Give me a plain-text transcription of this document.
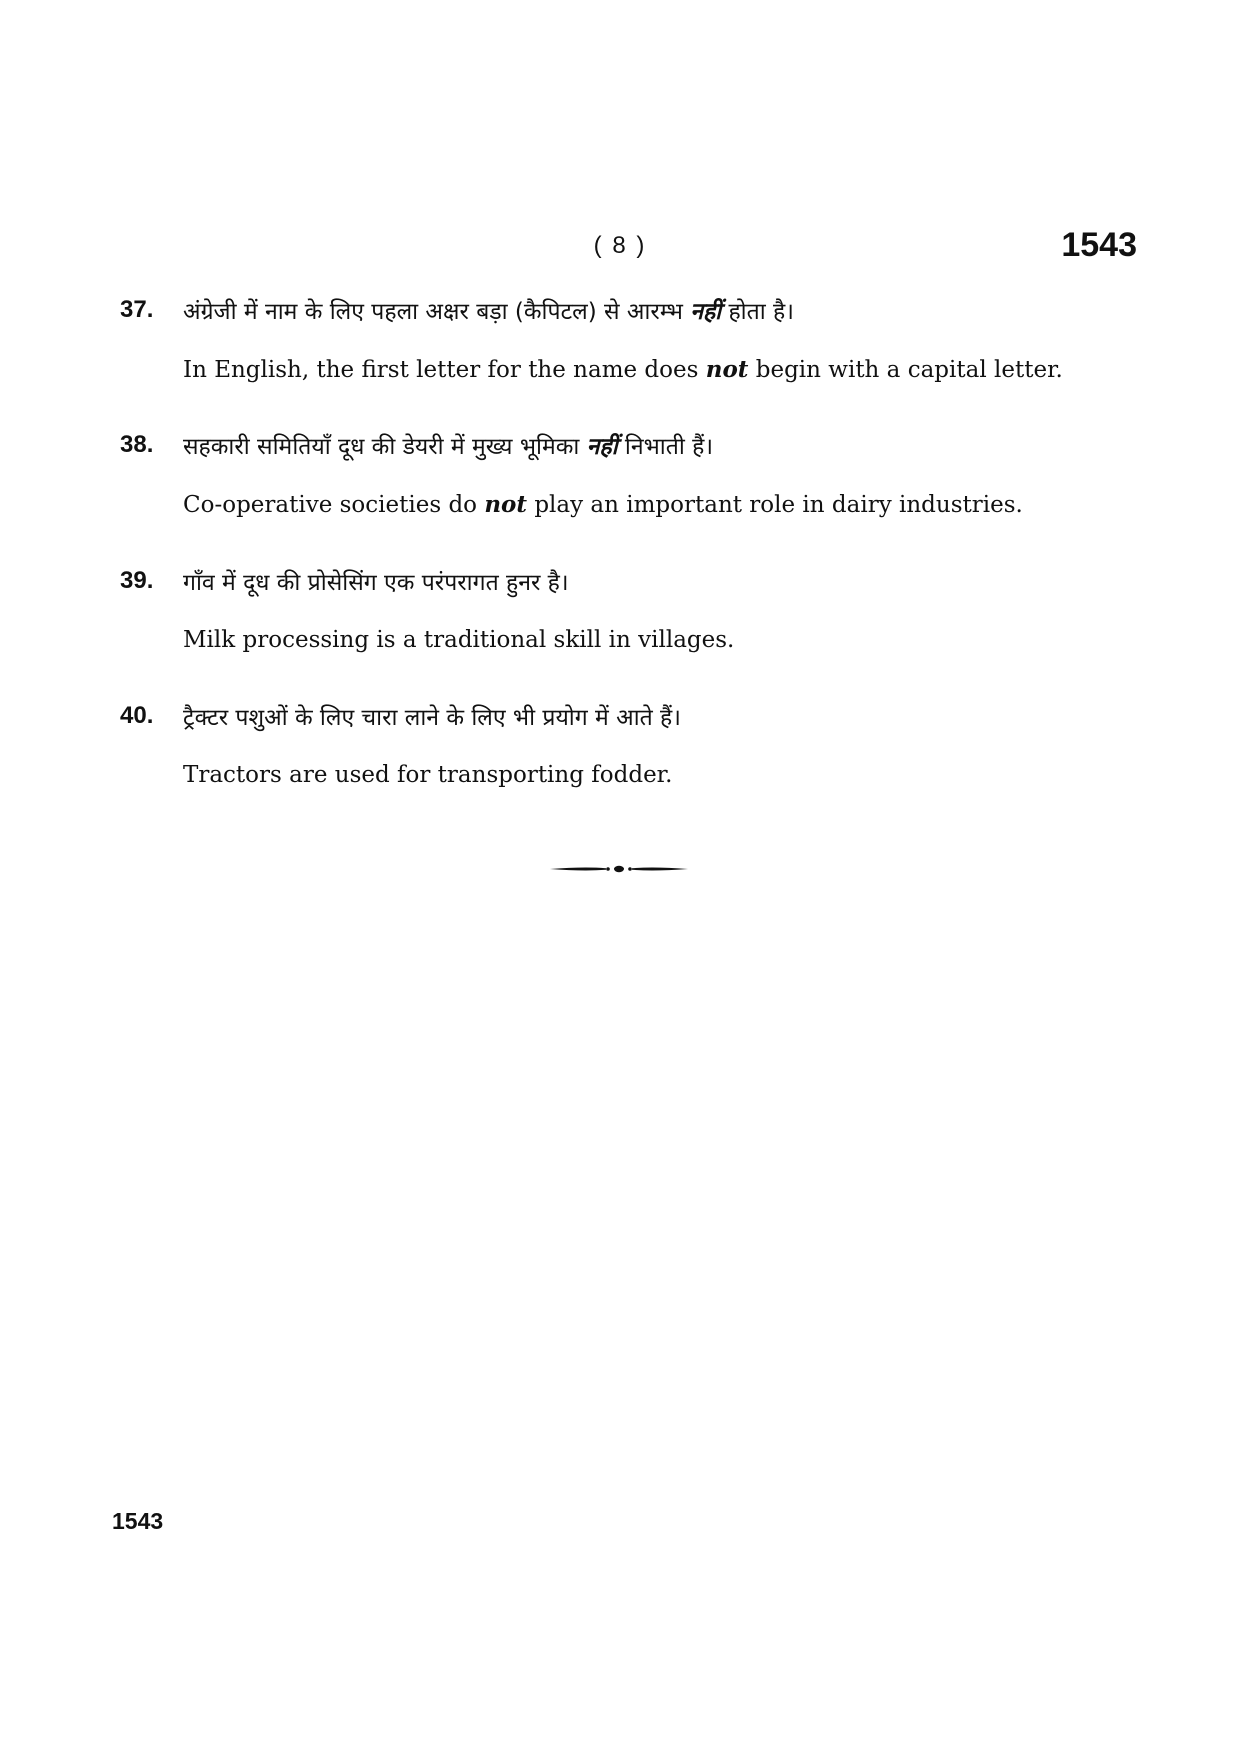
( 8 )	1543
37. अंग्रेजी में नाम के लिए पहला अक्षर बड़ा (कैपिटल) से आरम्भ नहीं होता है।
In English, the first letter for the name does not begin with a capital letter.
38. सहकारी समितियाँ दूध की डेयरी में मुख्य भूमिका नहीं निभाती हैं।
Co-operative societies do not play an important role in dairy industries.
39. गाँव में दूध की प्रोसेसिंग एक परंपरागत हुनर है।
Milk processing is a traditional skill in villages.
40. ट्रैक्टर पशुओं के लिए चारा लाने के लिए भी प्रयोग में आते हैं।
Tractors are used for transporting fodder.
1543
